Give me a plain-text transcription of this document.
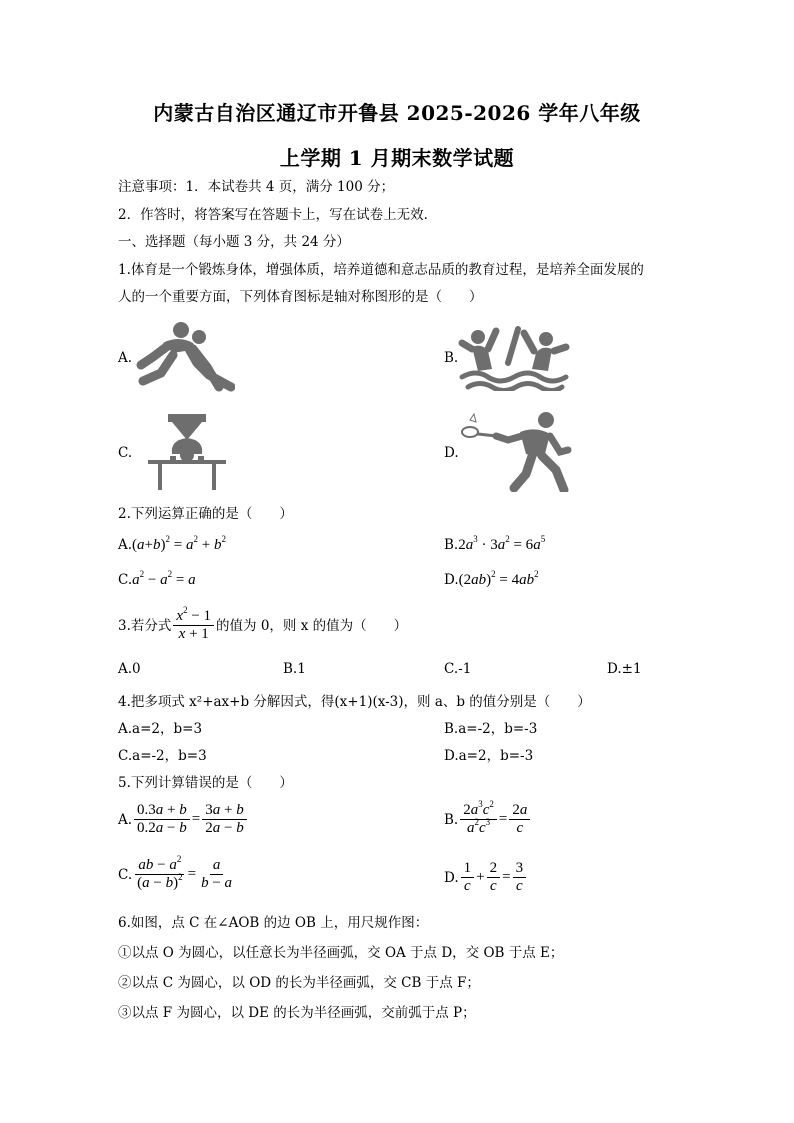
内蒙古自治区通辽市开鲁县 2025-2026 学年八年级
上学期 1 月期末数学试题
注意事项：1．本试卷共 4 页，满分 100 分；
2．作答时，将答案写在答题卡上，写在试卷上无效．
一、选择题（每小题 3 分，共 24 分）
1.体育是一个锻炼身体，增强体质，培养道德和意志品质的教育过程，是培养全面发展的
人的一个重要方面，下列体育图标是轴对称图形的是（　　）
A.	B.
C.	D.
2.下列运算正确的是（　　）
$A.(a+b)^2 = a^2 + b^2$	$B.2a^3 \cdot 3a^2 = 6a^5$
$C.a^2 - a^2 = a$	$D.(2ab)^2 = 4ab^2$
3.若分式 $\frac{x^2 - 1}{x + 1}$ 的值为 0，则 x 的值为（　　）
A.0	B.1	C.-1	D.±1
4.把多项式 x²+ax+b 分解因式，得(x+1)(x-3)，则 a、b 的值分别是（　　）
A.a=2，b=3	B.a=-2，b=-3
C.a=-2，b=3	D.a=2，b=-3
5.下列计算错误的是（　　）
A. $\frac{0.3a + b}{0.2a - b} = \frac{3a + b}{2a - b}$	B. $\frac{2a^3c^2}{a^2c^3} = \frac{2a}{c}$
C. $\frac{ab - a^2}{(a - b)^2} = \frac{a}{b - a}$	D. $\frac{1}{c} + \frac{2}{c} = \frac{3}{c}$
6.如图，点 C 在∠AOB 的边 OB 上，用尺规作图：
①以点 O 为圆心，以任意长为半径画弧，交 OA 于点 D，交 OB 于点 E；
②以点 C 为圆心，以 OD 的长为半径画弧，交 CB 于点 F；
③以点 F 为圆心，以 DE 的长为半径画弧，交前弧于点 P；
